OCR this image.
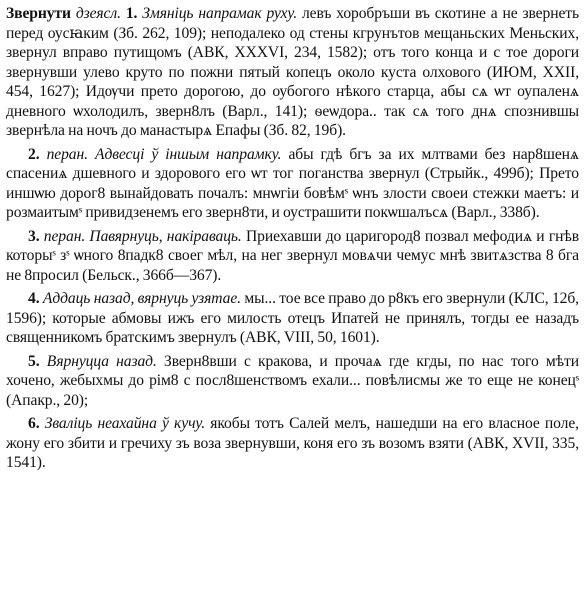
Звернути дзеясл. 1. Змяніць напрамак руху. левъ хоробръши въ скотине а не звернеть перед оусꙗким (Зб. 262, 109); неподалеко од стены кгрунътов мещаньских Меньских, звернул вправо путищомъ (АВК, XXXVI, 234, 1582); отъ того конца и с тое дороги звернувши улево круто по пожни пятый копецъ около куста олхового (ИЮМ, XXII, 454, 1627); Идѹчи прето дорогою, до оубогого нѣкого старца, абы сѧ ѡт оупаленѧ дневного ѡхолодилъ, зверн8лъ (Варл., 141); ѳеѡдора.. так сѧ того днѧ спознившы звернѣла на ночъ до манастырѧ Епафы (Зб. 82, 19б).

2. перан. Адвесці ў іншым напрамку. абы гдѣ бгъ за их млтвами без нар8шенѧ спасениѧ дшевного и здорового его ѡт тог поганства звернул (Стрыйк., 499б); Прето иншѡю дорог8 вынайдовать почалъ: мнѡгiи бовѣмˢ ѡнъ злости своеи стежки маетъ: и розмаитымˢ привидзенемъ его зверн8ти, и оустрашити покѡшалъсѧ (Варл., 338б).

3. перан. Павярнуць, накіраваць. Приехавши до царигород8 позвал мефодиѧ и гнѣв которыˢ зˢ ѡного 8падк8 своег мѣл, на нег звернул мовѧчи чемус мнѣ звитѧзства 8 бга не 8просил (Бельск., 366б—367).

4. Аддаць назад, вярнуць узятае. мы... тое все право до р8къ его звернули (КЛС, 12б, 1596); которые абмовы ижъ его милость отецъ Ипатей не принялъ, тогды ее назадъ священникомъ братскимъ звернулъ (АВК, VIII, 50, 1601).

5. Вярнуцца назад. Зверн8вши с кракова, и прочаѧ где кгды, по нас того мѣти хочено, жебыхмы до рiм8 с посл8шенствомъ ехали... повѣлисмы же то еще не конецˢ (Апакр., 20);

6. Зваліць неахайна ў кучу. якобы тотъ Салей мелъ, нашедши на его власное поле, жону его збити и гречиху зъ воза звернувши, коня его зъ возомъ взяти (АВК, XVII, 335, 1541).
